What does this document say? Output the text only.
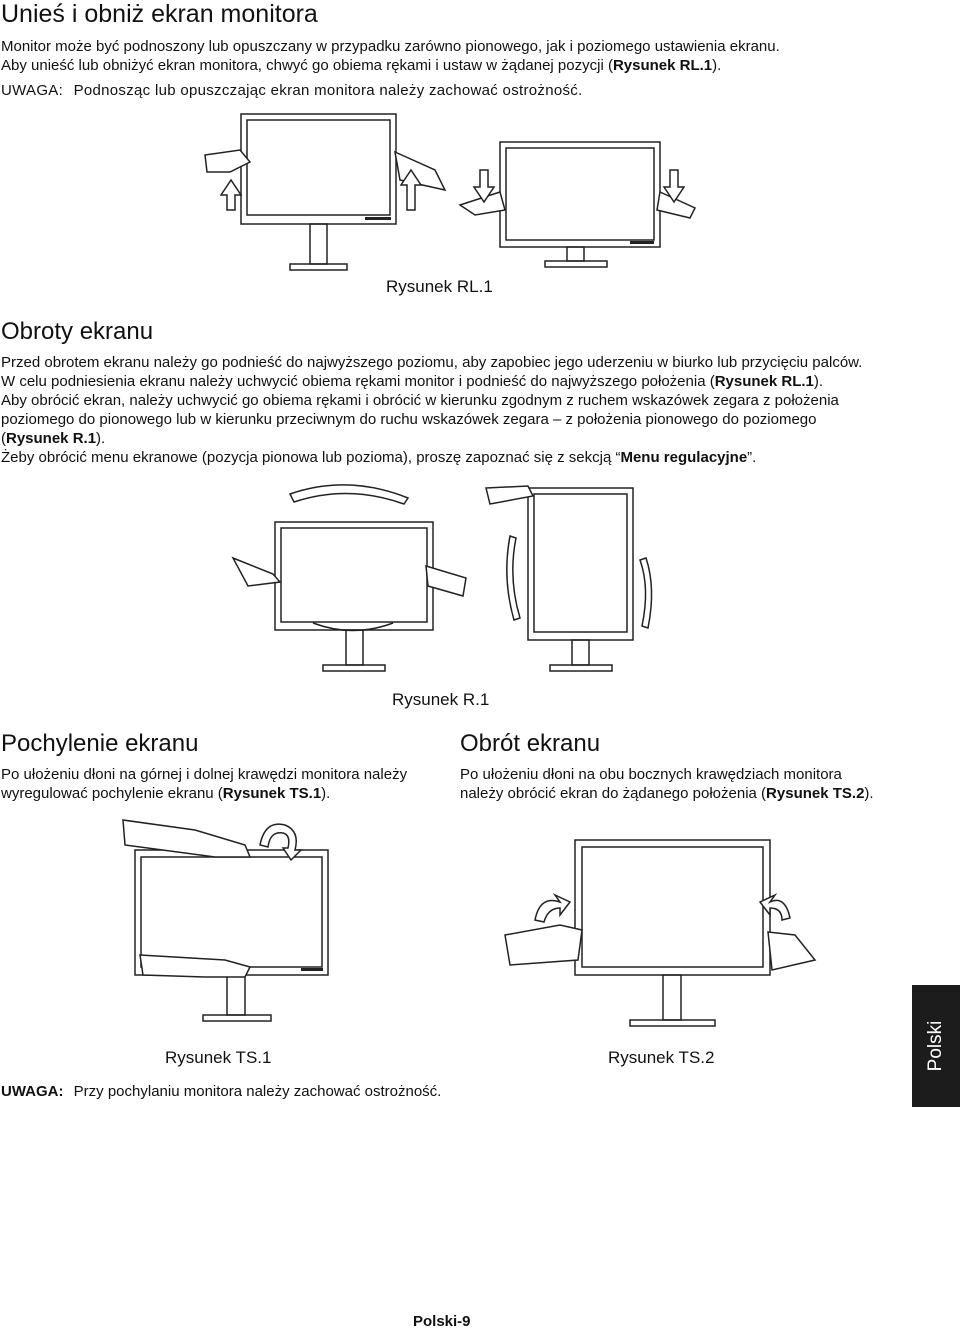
Unieś i obniż ekran monitora
Monitor może być podnoszony lub opuszczany w przypadku zarówno pionowego, jak i poziomego ustawienia ekranu.
Aby unieść lub obniżyć ekran monitora, chwyć go obiema rękami i ustaw w żądanej pozycji (Rysunek RL.1).
UWAGA: Podnosząc lub opuszczając ekran monitora należy zachować ostrożność.
Rysunek RL.1
Obroty ekranu
Przed obrotem ekranu należy go podnieść do najwyższego poziomu, aby zapobiec jego uderzeniu w biurko lub przycięciu palców.
W celu podniesienia ekranu należy uchwycić obiema rękami monitor i podnieść do najwyższego położenia (Rysunek RL.1).
Aby obrócić ekran, należy uchwycić go obiema rękami i obrócić w kierunku zgodnym z ruchem wskazówek zegara z położenia
poziomego do pionowego lub w kierunku przeciwnym do ruchu wskazówek zegara – z położenia pionowego do poziomego
(Rysunek R.1).
Żeby obrócić menu ekranowe (pozycja pionowa lub pozioma), proszę zapoznać się z sekcją “Menu regulacyjne”.
Rysunek R.1
Pochylenie ekranu
Po ułożeniu dłoni na górnej i dolnej krawędzi monitora należy
wyregulować pochylenie ekranu (Rysunek TS.1).
Obrót ekranu
Po ułożeniu dłoni na obu bocznych krawędziach monitora
należy obrócić ekran do żądanego położenia (Rysunek TS.2).
Rysunek TS.1	Rysunek TS.2
UWAGA: Przy pochylaniu monitora należy zachować ostrożność.
Polski
Polski-9
